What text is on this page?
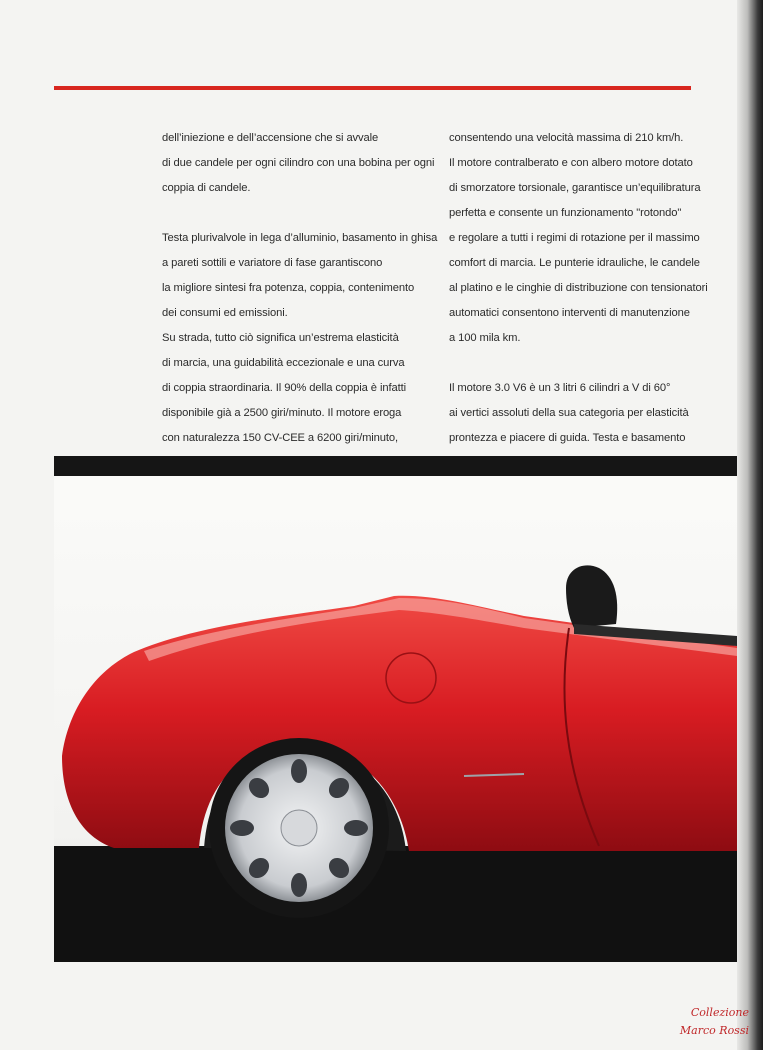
dell’iniezione e dell’accensione che si avvale
di due candele per ogni cilindro con una bobina per ogni
coppia di candele.

Testa plurivalvole in lega d’alluminio, basamento in ghisa
a pareti sottili e variatore di fase garantiscono
la migliore sintesi fra potenza, coppia, contenimento
dei consumi ed emissioni.

Su strada, tutto ciò significa un’estrema elasticità
di marcia, una guidabilità eccezionale e una curva
di coppia straordinaria. Il 90% della coppia è infatti
disponibile già a 2500 giri/minuto. Il motore eroga
con naturalezza 150 CV-CEE a 6200 giri/minuto,

consentendo una velocità massima di 210 km/h.
Il motore contralberato e con albero motore dotato
di smorzatore torsionale, garantisce un’equilibratura
perfetta e consente un funzionamento "rotondo"
e regolare a tutti i regimi di rotazione per il massimo
comfort di marcia. Le punterie idrauliche, le candele
al platino e le cinghie di distribuzione con tensionatori
automatici consentono interventi di manutenzione
a 100 mila km.

Il motore 3.0 V6 è un 3 litri 6 cilindri a V di 60°
ai vertici assoluti della sua categoria per elasticità
prontezza e piacere di guida. Testa e basamento

Collezione
Marco Rossi
